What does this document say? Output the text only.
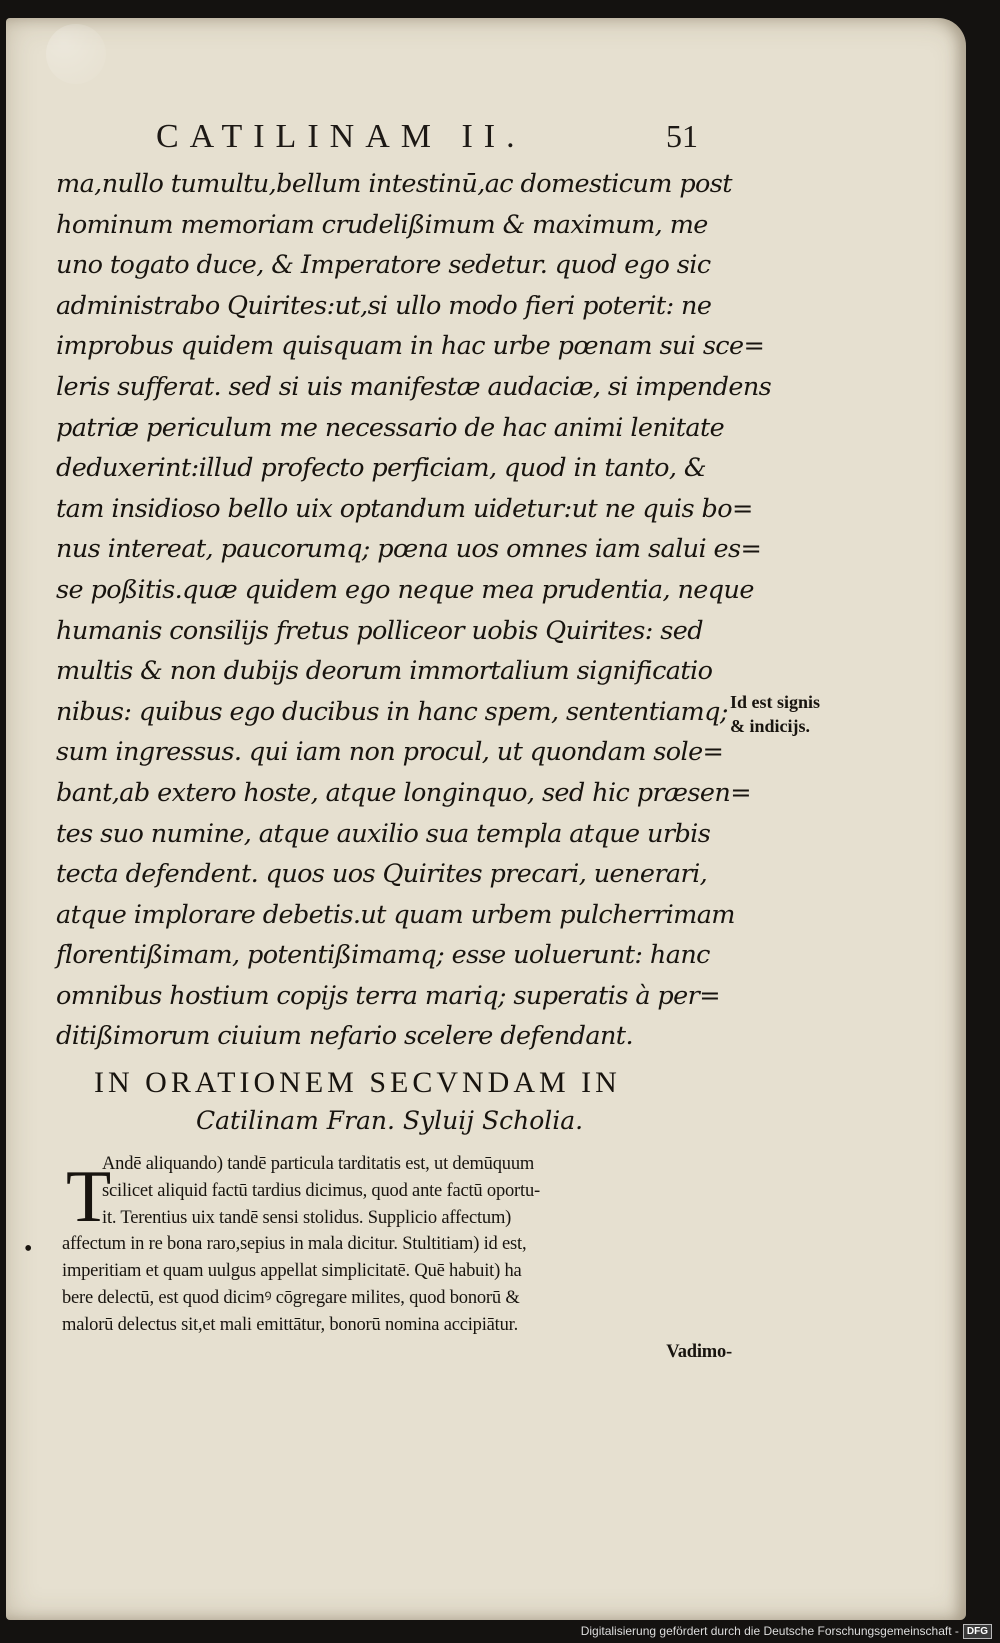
CATILINAM II.	51
ma,nullo tumultu,bellum intestinū,ac domesticum post
hominum memoriam crudelißimum & maximum, me
uno togato duce, & Imperatore sedetur. quod ego sic
administrabo Quirites:ut,si ullo modo fieri poterit: ne
improbus quidem quisquam in hac urbe pœnam sui sce=
leris sufferat. sed si uis manifestæ audaciæ, si impendens
patriæ periculum me necessario de hac animi lenitate
deduxerint:illud profecto perficiam, quod in tanto, &
tam insidioso bello uix optandum uidetur:ut ne quis bo=
nus intereat, paucorumq; pœna uos omnes iam salui es=
se poßitis.quæ quidem ego neque mea prudentia, neque
humanis consilijs fretus polliceor uobis Quirites: sed
multis & non dubijs deorum immortalium significatio
nibus: quibus ego ducibus in hanc spem, sententiamq;
sum ingressus. qui iam non procul, ut quondam sole=
bant,ab extero hoste, atque longinquo, sed hic præsen=
tes suo numine, atque auxilio sua templa atque urbis
tecta defendent. quos uos Quirites precari, uenerari,
atque implorare debetis.ut quam urbem pulcherrimam
florentißimam, potentißimamq; esse uoluerunt: hanc
omnibus hostium copijs terra mariq; superatis à per=
ditißimorum ciuium nefario scelere defendant.
Id est signis
& indicijs.
IN ORATIONEM SECVNDAM IN
Catilinam Fran. Syluij Scholia.
T
•
Andē aliquando) tandē particula tarditatis est, ut demūquum
scilicet aliquid factū tardius dicimus, quod ante factū oportu-
it. Terentius uix tandē sensi stolidus. Supplicio affectum)
affectum in re bona raro,sepius in mala dicitur. Stultitiam) id est,
imperitiam et quam uulgus appellat simplicitatē. Quē habuit) ha
bere delectū, est quod dicimꝰ cōgregare milites, quod bonorū &
malorū delectus sit,et mali emittātur, bonorū nomina accipiātur.
Vadimo-
Digitalisierung gefördert durch die Deutsche Forschungsgemeinschaft - DFG
